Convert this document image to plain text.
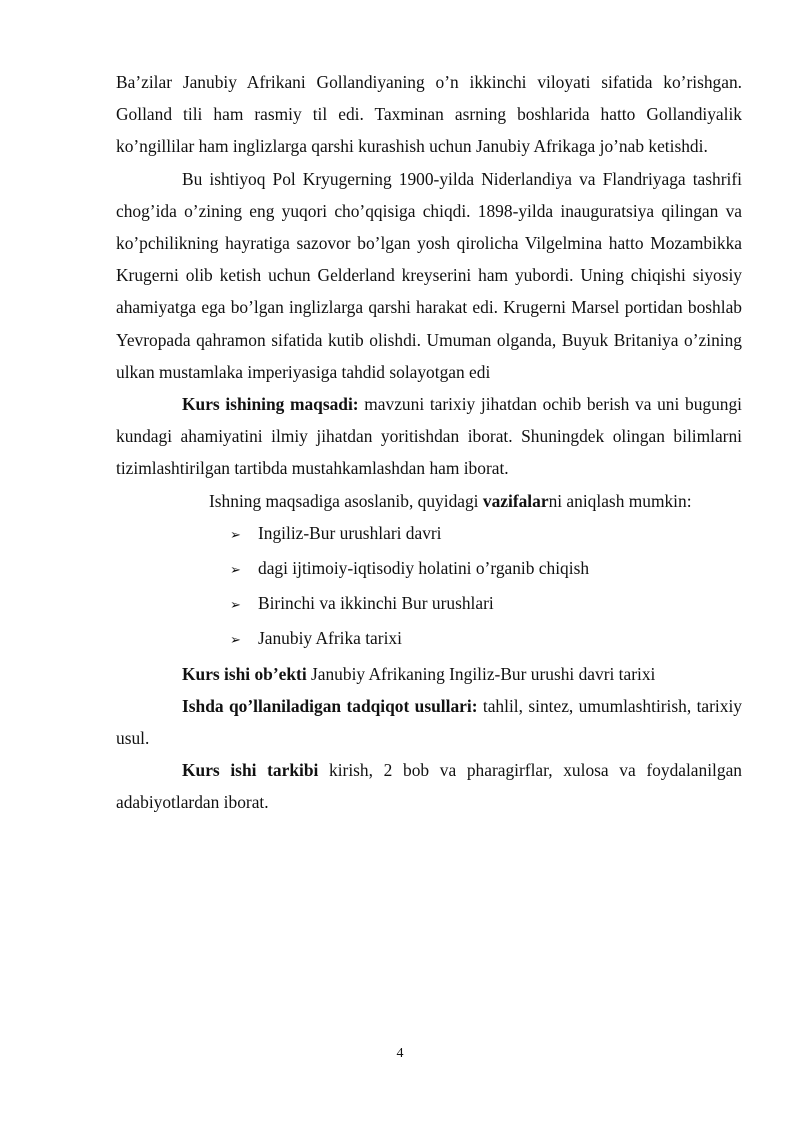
Ba’zilar Janubiy Afrikani Gollandiyaning o’n ikkinchi viloyati sifatida ko’rishgan. Golland tili ham rasmiy til edi. Taxminan asrning boshlarida hatto Gollandiyalik ko’ngillilar ham inglizlarga qarshi kurashish uchun Janubiy Afrikaga jo’nab ketishdi.

Bu ishtiyoq Pol Kryugerning 1900-yilda Niderlandiya va Flandriyaga tashrifi chog’ida o’zining eng yuqori cho’qqisiga chiqdi. 1898-yilda inauguratsiya qilingan va ko’pchilikning hayratiga sazovor bo’lgan yosh qirolicha Vilgelmina hatto Mozambikka Krugerni olib ketish uchun Gelderland kreyserini ham yubordi. Uning chiqishi siyosiy ahamiyatga ega bo’lgan inglizlarga qarshi harakat edi. Krugerni Marsel portidan boshlab Yevropada qahramon sifatida kutib olishdi. Umuman olganda, Buyuk Britaniya o’zining ulkan mustamlaka imperiyasiga tahdid solayotgan edi

Kurs ishining maqsadi: mavzuni tarixiy jihatdan ochib berish va uni bugungi kundagi ahamiyatini ilmiy jihatdan yoritishdan iborat. Shuningdek olingan bilimlarni tizimlashtirilgan tartibda mustahkamlashdan ham iborat.

Ishning maqsadiga asoslanib, quyidagi vazifalarni aniqlash mumkin:

➢ Ingiliz-Bur urushlari davri
➢ dagi ijtimoiy-iqtisodiy holatini o’rganib chiqish
➢ Birinchi va ikkinchi Bur urushlari
➢ Janubiy Afrika tarixi

Kurs ishi ob’ekti Janubiy Afrikaning Ingiliz-Bur urushi davri tarixi

Ishda qo’llaniladigan tadqiqot usullari: tahlil, sintez, umumlashtirish, tarixiy usul.

Kurs ishi tarkibi kirish, 2 bob va pharagirflar, xulosa va foydalanilgan adabiyotlardan iborat.

4
